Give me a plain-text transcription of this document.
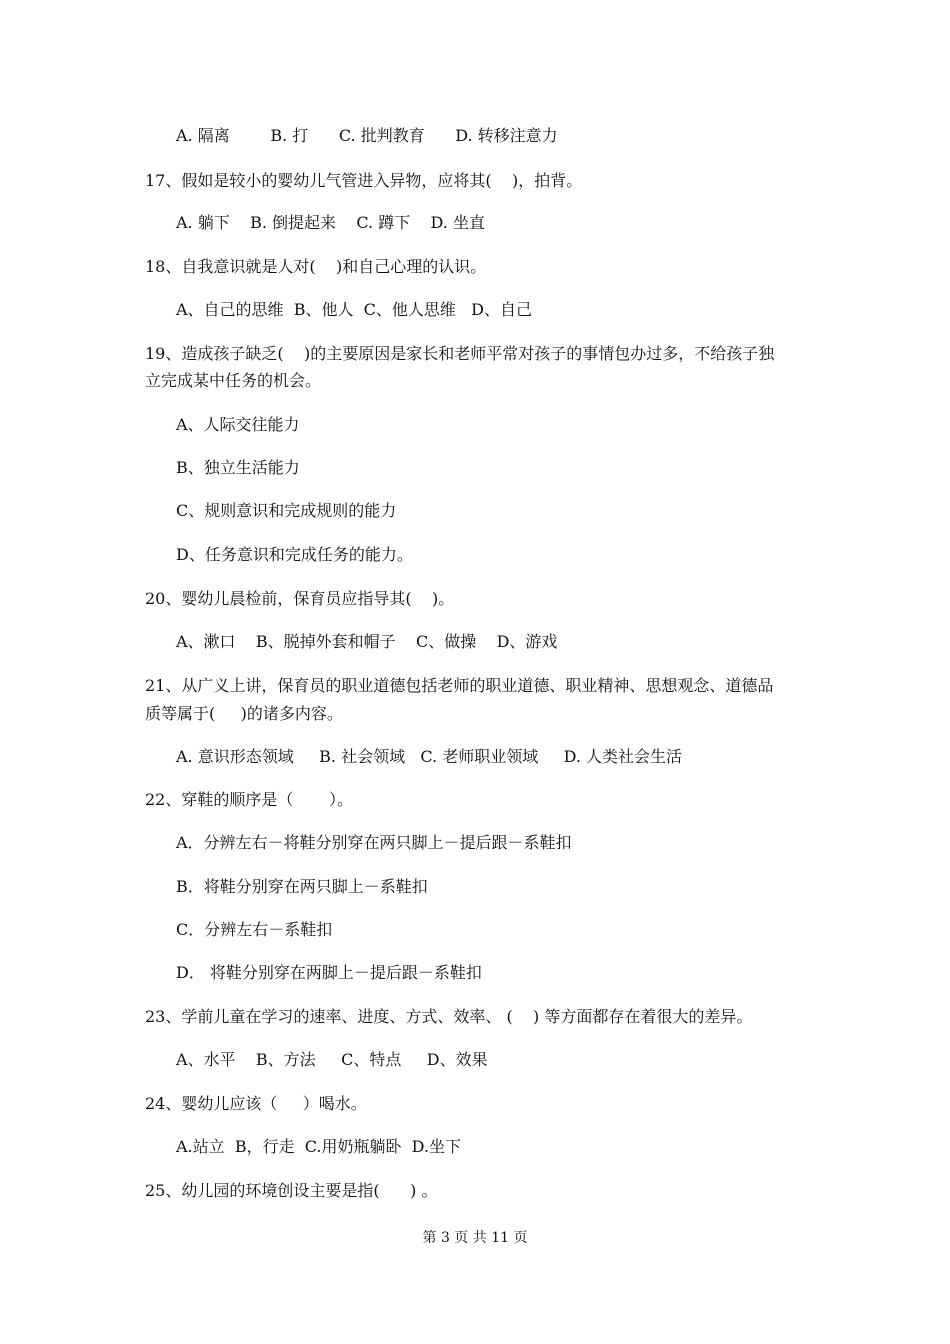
A. 隔离        B. 打      C. 批判教育      D. 转移注意力
17、假如是较小的婴幼儿气管进入异物，应将其(    )，拍背。
A. 躺下    B. 倒提起来    C. 蹲下    D. 坐直
18、自我意识就是人对(    )和自己心理的认识。
A、自己的思维  B、他人  C、他人思维   D、自己
19、造成孩子缺乏(    )的主要原因是家长和老师平常对孩子的事情包办过多，不给孩子独
立完成某中任务的机会。
A、人际交往能力
B、独立生活能力
C、规则意识和完成规则的能力
D、任务意识和完成任务的能力。
20、婴幼儿晨检前，保育员应指导其(    )。
A、漱口    B、脱掉外套和帽子    C、做操    D、游戏
21、从广义上讲，保育员的职业道德包括老师的职业道德、职业精神、思想观念、道德品
质等属于(     )的诸多内容。
A. 意识形态领域     B. 社会领域   C. 老师职业领域     D. 人类社会生活
22、穿鞋的顺序是（       ）。
A．分辨左右－将鞋分别穿在两只脚上－提后跟－系鞋扣
B．将鞋分别穿在两只脚上－系鞋扣
C．分辨左右－系鞋扣
D． 将鞋分别穿在两脚上－提后跟－系鞋扣
23、学前儿童在学习的速率、进度、方式、效率、 (    ) 等方面都存在着很大的差异。
A、水平    B、方法     C、特点     D、效果
24、婴幼儿应该（     ）喝水。
A.站立  B，行走  C.用奶瓶躺卧  D.坐下
25、幼儿园的环境创设主要是指(      ) 。
第 3 页 共 11 页
